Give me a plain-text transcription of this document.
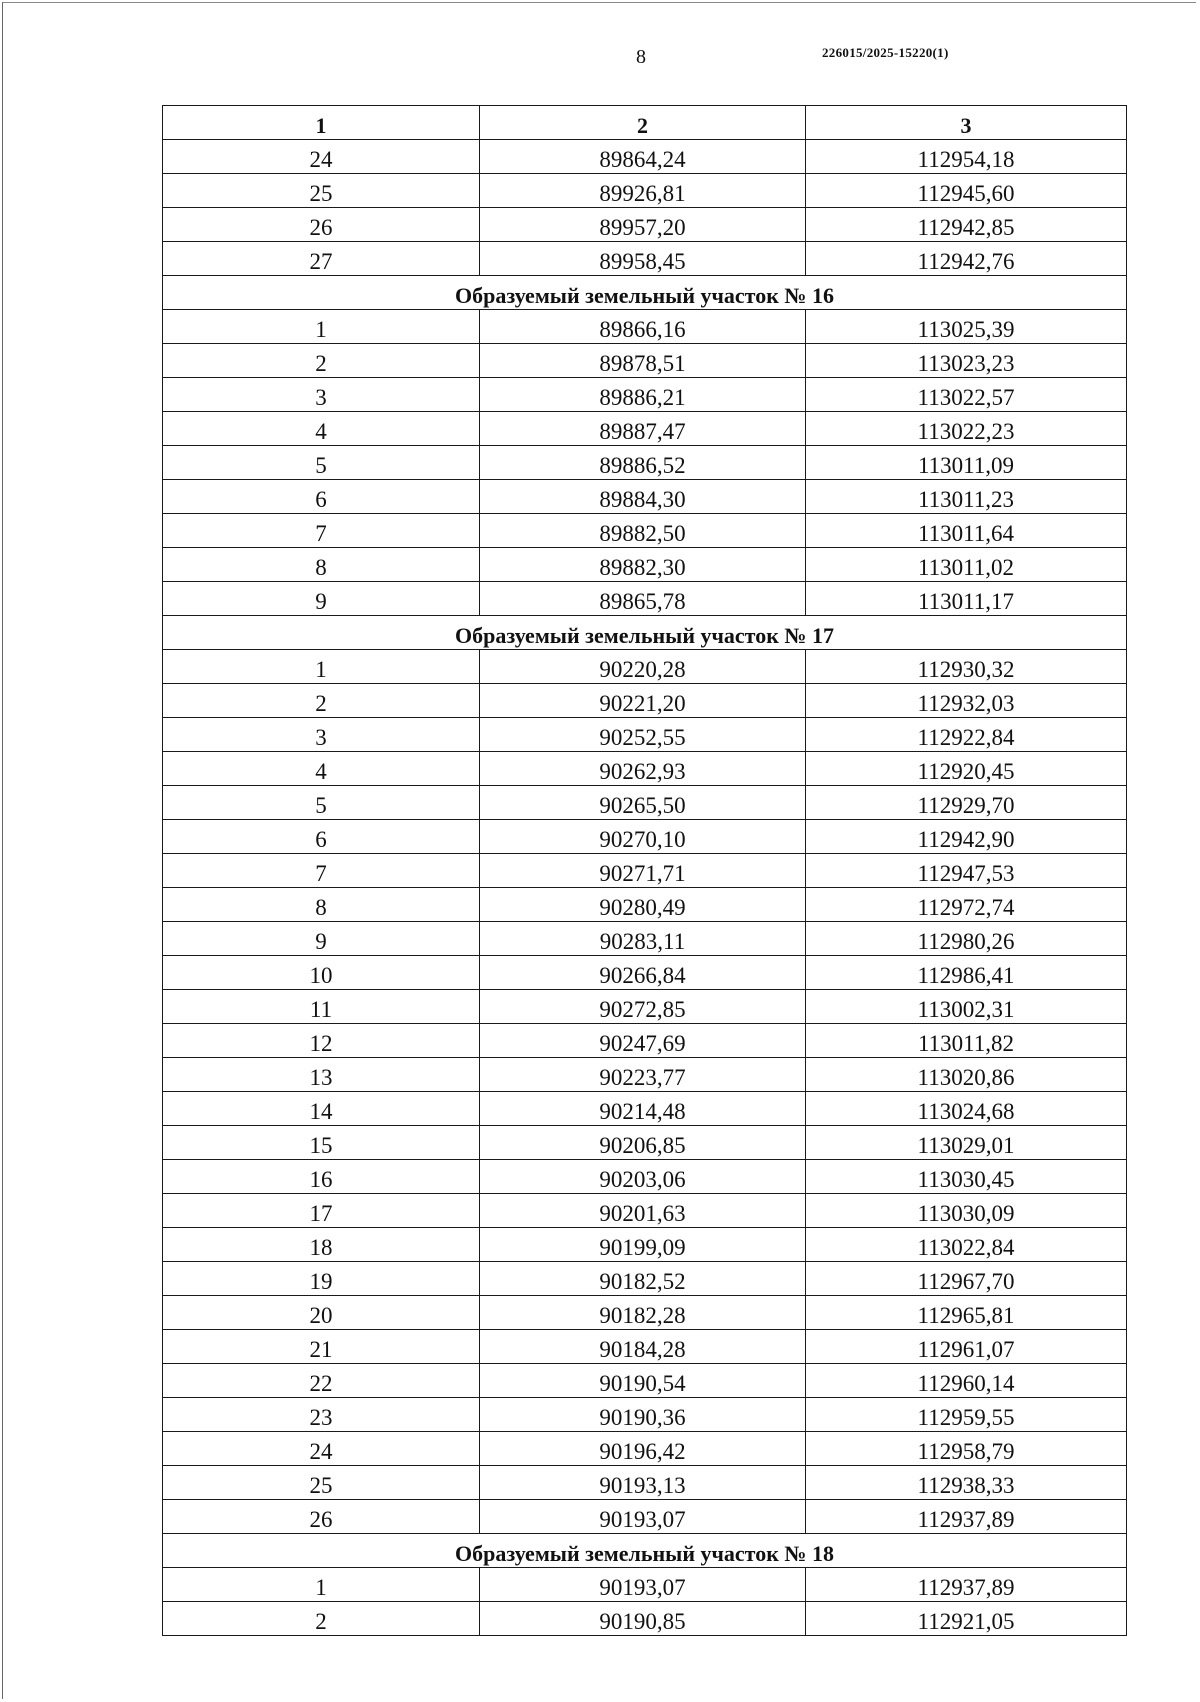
8	226015/2025-15220(1)
1	2	3
24	89864,24	112954,18
25	89926,81	112945,60
26	89957,20	112942,85
27	89958,45	112942,76
Образуемый земельный участок № 16		
1	89866,16	113025,39
2	89878,51	113023,23
3	89886,21	113022,57
4	89887,47	113022,23
5	89886,52	113011,09
6	89884,30	113011,23
7	89882,50	113011,64
8	89882,30	113011,02
9	89865,78	113011,17
Образуемый земельный участок № 17		
1	90220,28	112930,32
2	90221,20	112932,03
3	90252,55	112922,84
4	90262,93	112920,45
5	90265,50	112929,70
6	90270,10	112942,90
7	90271,71	112947,53
8	90280,49	112972,74
9	90283,11	112980,26
10	90266,84	112986,41
11	90272,85	113002,31
12	90247,69	113011,82
13	90223,77	113020,86
14	90214,48	113024,68
15	90206,85	113029,01
16	90203,06	113030,45
17	90201,63	113030,09
18	90199,09	113022,84
19	90182,52	112967,70
20	90182,28	112965,81
21	90184,28	112961,07
22	90190,54	112960,14
23	90190,36	112959,55
24	90196,42	112958,79
25	90193,13	112938,33
26	90193,07	112937,89
Образуемый земельный участок № 18		
1	90193,07	112937,89
2	90190,85	112921,05
